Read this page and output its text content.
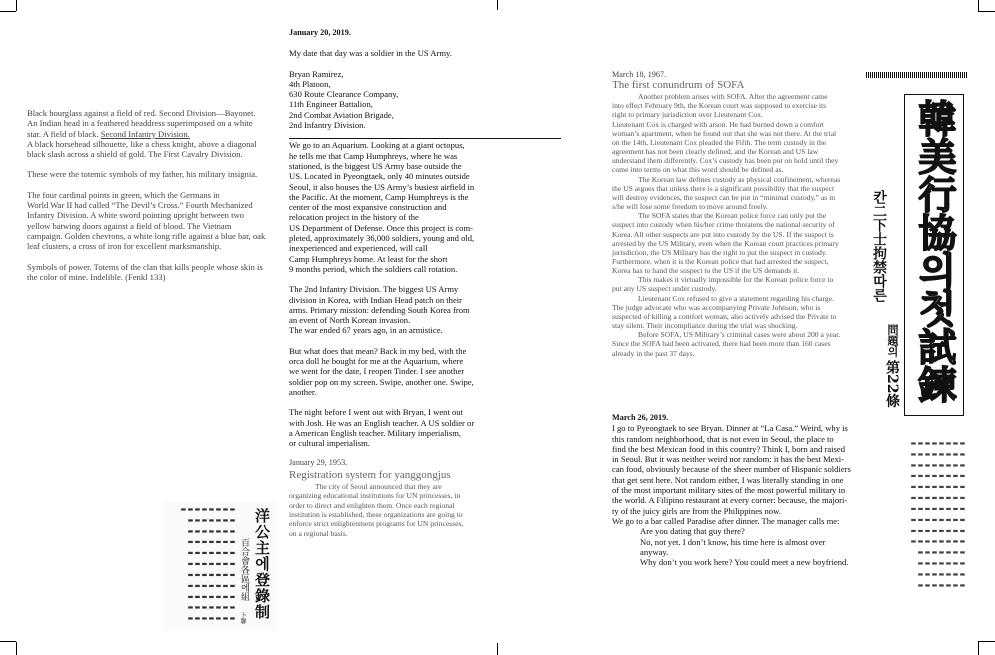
Black hourglass against a field of red. Second Division—Bayonet.
An Indian head in a feathered headdress superimposed on a white
star. A field of black. Second Infantry Division.
A black horsehead silhouette, like a chess knight, above a diagonal
black slash across a shield of gold. The First Cavalry Division.
These were the totemic symbols of my father, his military insignia.
The four cardinal points in green, which the Germans in
World War II had called “The Devil’s Cross.” Fourth Mechanized
Infantry Division. A white sword pointing upright between two
yellow batwing doors against a field of blood. The Vietnam
campaign. Golden chevrons, a white long rifle against a blue bar, oak
leaf clusters, a cross of iron for excellent marksmanship.
Symbols of power. Totems of the clan that kills people whose skin is
the color of mine. Indelible. (Fenkl 133)
▬ ▬ ▬ ▬ ▬ ▬ ▬ ▬ ▬ ▬ ▬ ▬ ▬ ▬ ▬ ▬ ▬ ▬ ▬ ▬ ▬ ▬ ▬ ▬ ▬ ▬ ▬ ▬ ▬ ▬ ▬ ▬ ▬ ▬ ▬ ▬ ▬ ▬ ▬ ▬ ▬ ▬ ▬ ▬ ▬ ▬ ▬ ▬ ▬ ▬ ▬ ▬ ▬ ▬ ▬ ▬ ▬ ▬ ▬ ▬ ▬ ▬ ▬ ▬ ▬ ▬ ▬ ▬ ▬ ▬ ▬ ▬ ▬ ▬ ▬ ▬ ▬ ▬	洋公主에登錄制
百合會各區에組
卜聯
January 20, 2019.
My date that day was a soldier in the US Army.
Bryan Ramirez,
4th Platoon,
630 Route Clearance Company,
11th Engineer Battalion,
2nd Combat Aviation Brigade,
2nd Infantry Division.
We go to an Aquarium. Looking at a giant octopus,
he tells me that Camp Humphreys, where he was
stationed, is the biggest US Army base outside the
US. Located in Pyeongtaek, only 40 minutes outside
Seoul, it also houses the US Army’s busiest airfield in
the Pacific. At the moment, Camp Humphreys is the
center of the most expansive construction and
relocation project in the history of the
US Department of Defense. Once this project is com-
pleted, approximately 36,000 soldiers, young and old,
inexperienced and experienced, will call
Camp Humphreys home. At least for the short
9 months period, which the soldiers call rotation.
The 2nd Infantry Division. The biggest US Army
division in Korea, with Indian Head patch on their
arms. Primary mission: defending South Korea from
an event of North Korean invasion.
The war ended 67 years ago, in an armistice.
But what does that mean? Back in my bed, with the
orca doll he bought for me at the Aquarium, where
we went for the date, I reopen Tinder. I see another
soldier pop on my screen. Swipe, another one. Swipe,
another.
The night before I went out with Bryan, I went out
with Josh. He was an English teacher. A US soldier or
a American English teacher. Military imperialism,
or cultural imperialism.
January 29, 1953.
Registration system for yanggongjus
The city of Seoul announced that they are
organizing educational institutions for UN princesses, in
order to direct and enlighten them. Once each regional
institution is established, these organizations are going to
enforce strict enlightenment programs for UN princesses,
on a regional basis.
March 18, 1967.
The first conundrum of SOFA
Another problem arises with SOFA. After the agreement came
into effect February 9th, the Korean court was supposed to exercise its
right to primary jurisdiction over Lieutenant Cox.
Lieutenant Cox is charged with arson. He had burned down a comfort
woman’s apartment, when he found out that she was not there. At the trial
on the 14th, Lieutenant Cox pleaded the Fifth. The term custody in the
agreement has not been clearly defined, and the Korean and US law
understand them differently. Cox’s custody has been put on hold until they
come into terms on what this word should be defined as.
The Korean law defines custody as physical confinement, whereas
the US argues that unless there is a significant possibility that the suspect
will destroy evidences, the suspect can be put in “minimal custody,” as in
s/he will lose some freedom to move around freely.
The SOFA states that the Korean police force can only put the
suspect into custody when his/her crime threatens the national security of
Korea. All other suspects are put into custody by the US. If the suspect is
arrested by the US Military, even when the Korean court practices primary
jurisdiction, the US Military has the right to put the suspect in custody.
Furthermore, when it is the Korean police that had arrested the suspect,
Korea has to hand the suspect to the US if the US demands it.
This makes it virtually impossible for the Korean police force to
put any US suspect under custody.
Lieutenant Cox refused to give a statement regarding his charge.
The judge advocate who was accompanying Private Johnson, who is
suspected of killing a comfort woman, also actively advised the Private to
stay silent. Their incompliance during the trial was shocking.
Before SOFA, US Military’s criminal cases were about 200 a year.
Since the SOFA had been activated, there had been more than 160 cases
already in the past 37 days.
March 26, 2019.
I go to Pyeongtaek to see Bryan. Dinner at “La Casa.” Weird, why is
this random neighborhood, that is not even in Seoul, the place to
find the best Mexican food in this country? Think I, born and raised
in Seoul. But it was neither weird nor random: it has the best Mexi-
can food, obviously because of the sheer number of Hispanic soldiers
that get sent here. Not random either, I was literally standing in one
of the most important military sites of the most powerful military in
the world. A Filipino restaurant at every corner: because, the majori-
ty of the juicy girls are from the Philippines now.
We go to a bar called Paradise after dinner. The manager calls me:
Are you dating that guy there?
No, not yet. I don’t know, his time here is almost over
anyway.
Why don’t you work here? You could meet a new boyfriend.
韓美行協의첫試鍊
칸二下士拘禁따른
問題의
第22條
▬ ▬ ▬ ▬ ▬ ▬ ▬ ▬ ▬ ▬ ▬ ▬ ▬ ▬ ▬ ▬ ▬ ▬ ▬ ▬ ▬ ▬ ▬ ▬ ▬ ▬ ▬ ▬ ▬ ▬ ▬ ▬ ▬ ▬ ▬ ▬ ▬ ▬ ▬ ▬ ▬ ▬ ▬ ▬ ▬ ▬ ▬ ▬ ▬ ▬ ▬ ▬ ▬ ▬ ▬ ▬ ▬ ▬ ▬ ▬ ▬ ▬ ▬ ▬ ▬ ▬ ▬ ▬ ▬ ▬ ▬ ▬ ▬ ▬ ▬ ▬ ▬ ▬ ▬ ▬ ▬ ▬ ▬ ▬ ▬ ▬ ▬ ▬ ▬ ▬ ▬ ▬ ▬ ▬ ▬ ▬ ▬ ▬ ▬ ▬ ▬ ▬ ▬ ▬ ▬ ▬ ▬ ▬
